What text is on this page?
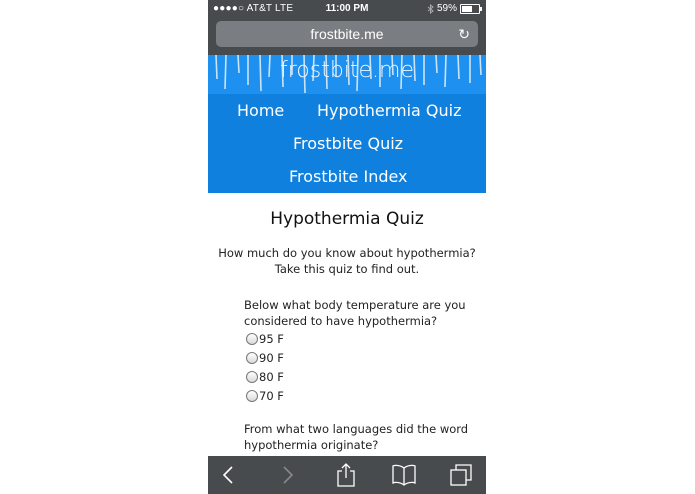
●●●●○ AT&T LTE	11:00 PM	59%
frostbite.me	↻
frostbite.me
Home Hypothermia Quiz
Frostbite Quiz
Frostbite Index
Hypothermia Quiz
How much do you know about hypothermia? Take this quiz to find out.
Below what body temperature are you considered to have hypothermia?
95 F
90 F
80 F
70 F
From what two languages did the word hypothermia originate?
